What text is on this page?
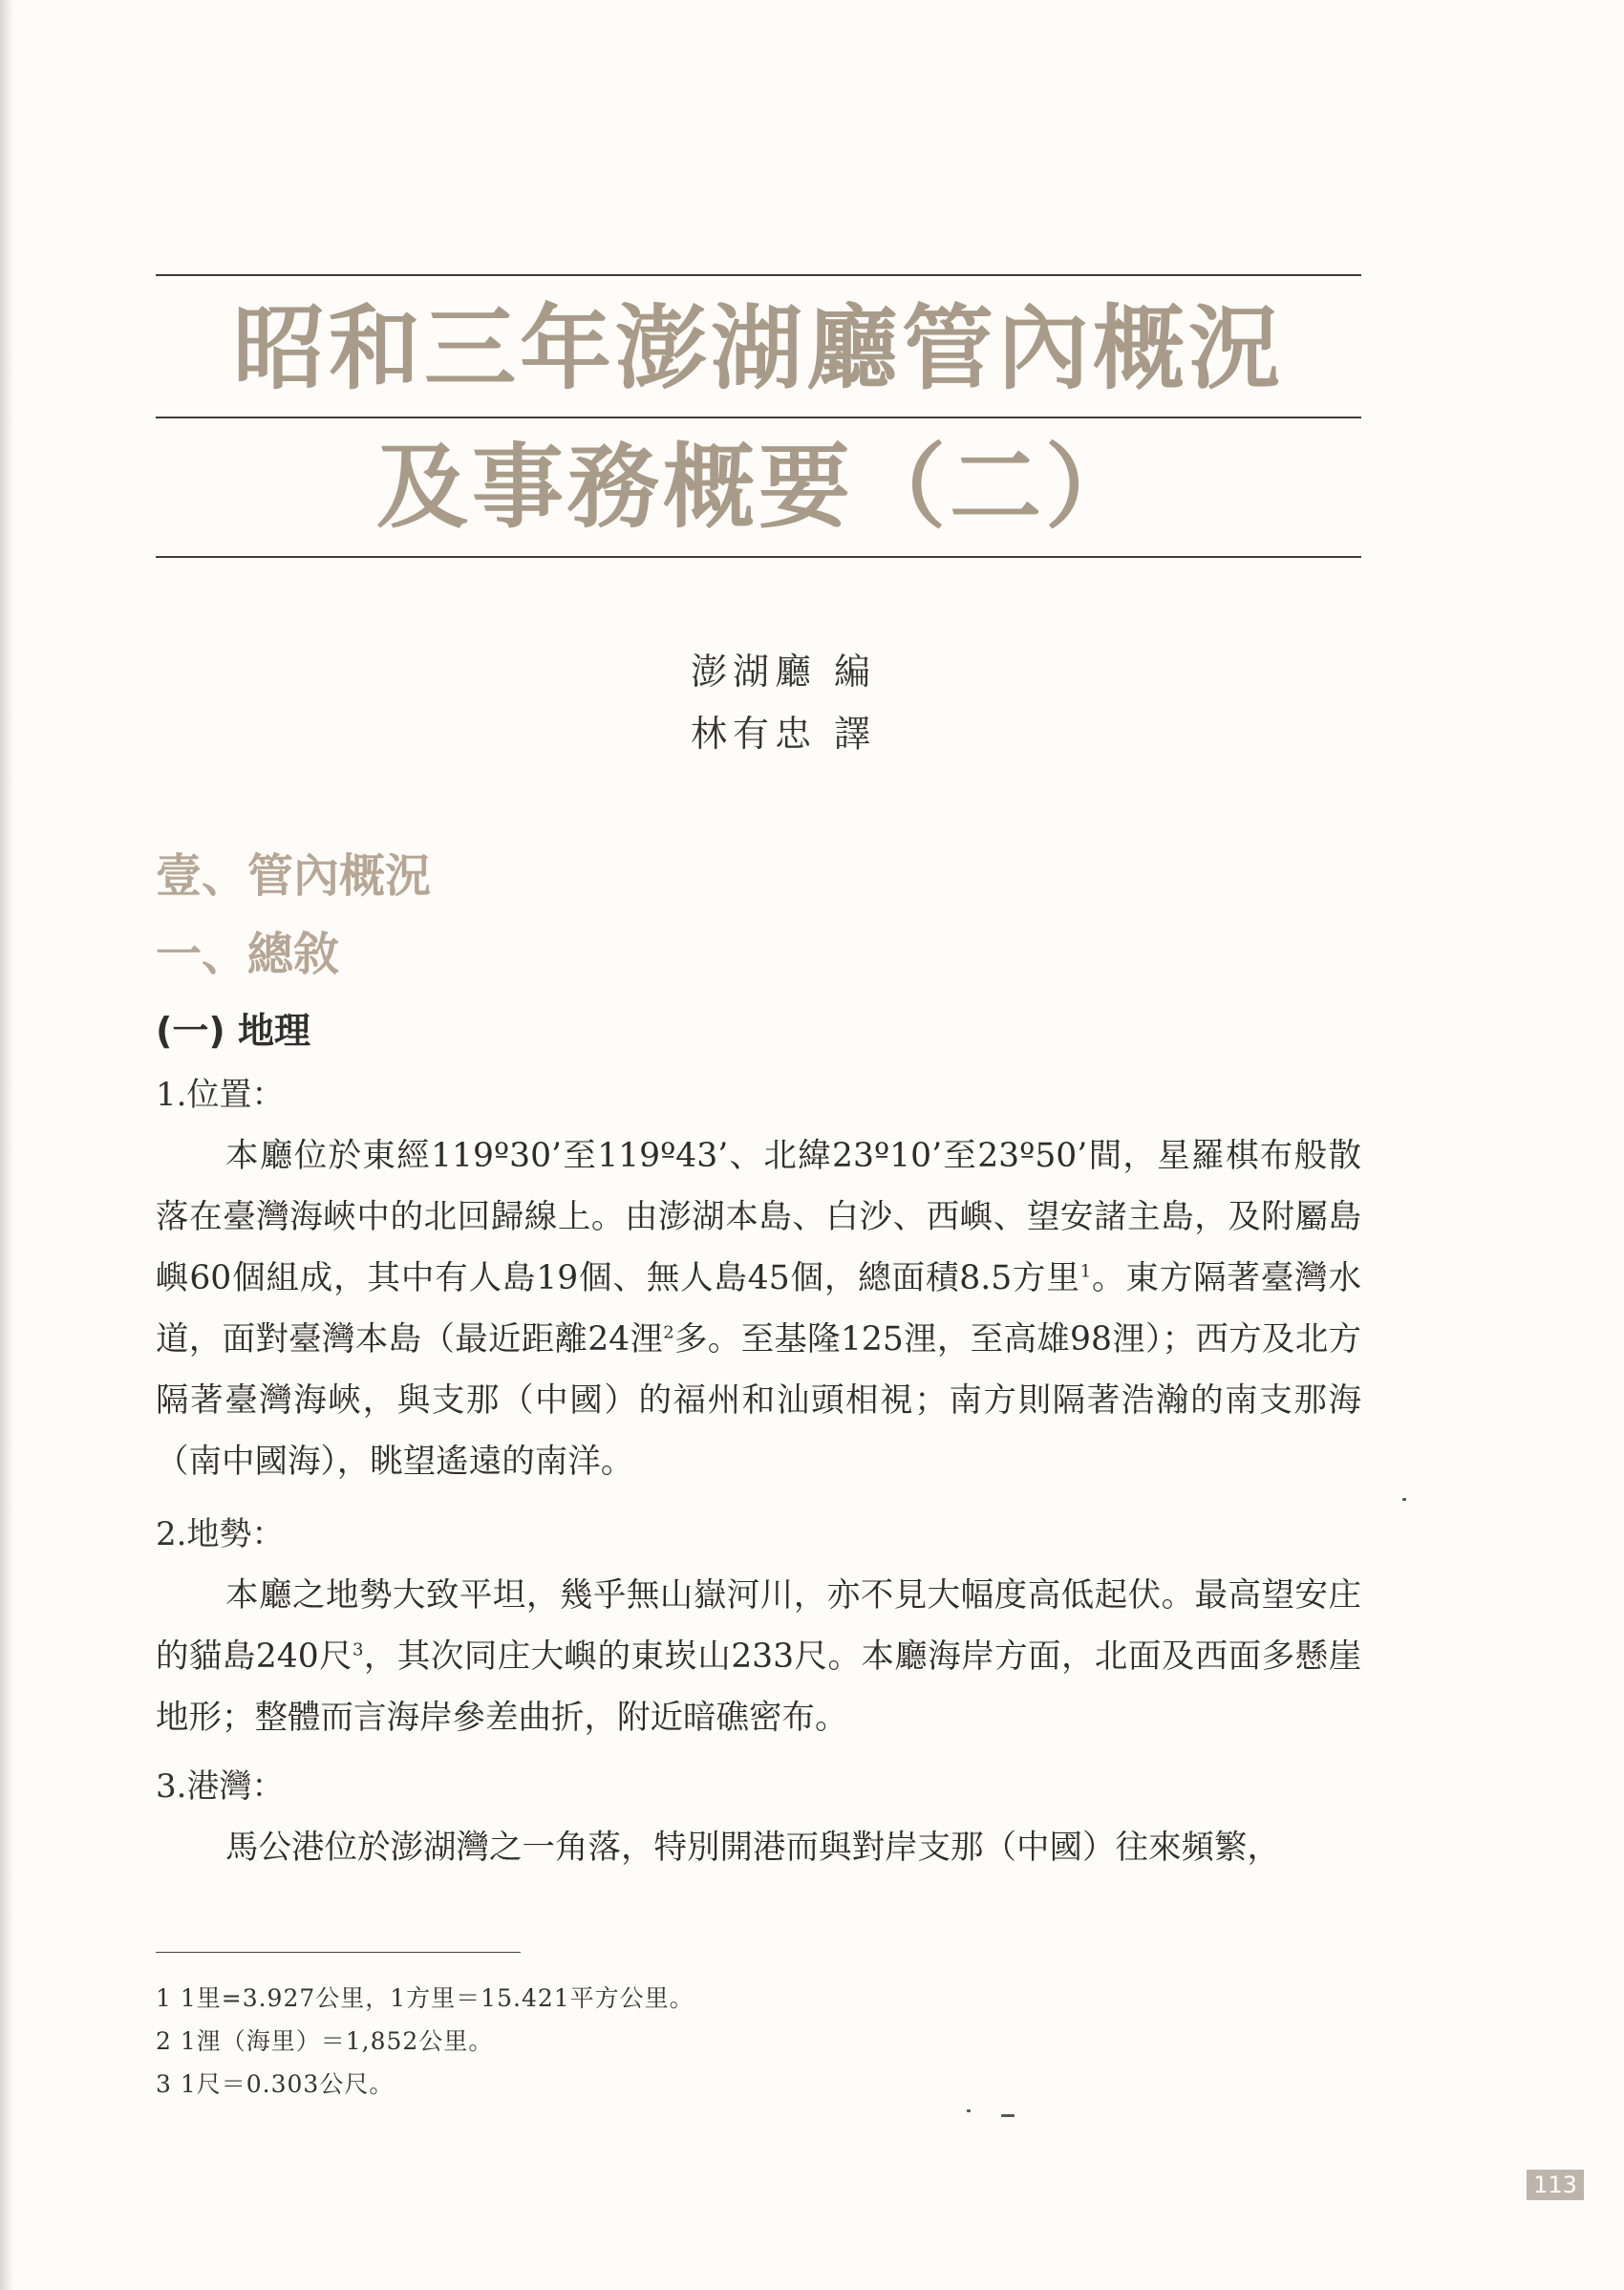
昭和三年澎湖廳管內概況
及事務概要（二）
澎湖廳 編
林有忠 譯
壹、管內概況
一、總敘
(一) 地理
1.位置：
本廳位於東經119º30’至119º43’、北緯23º10’至23º50’間，星羅棋布般散落在臺灣海峽中的北回歸線上。由澎湖本島、白沙、西嶼、望安諸主島，及附屬島嶼60個組成，其中有人島19個、無人島45個，總面積8.5方里$^1$。東方隔著臺灣水道，面對臺灣本島（最近距離24浬$^2$多。至基隆125浬，至高雄98浬）；西方及北方隔著臺灣海峽，與支那（中國）的福州和汕頭相視；南方則隔著浩瀚的南支那海（南中國海），眺望遙遠的南洋。
2.地勢：
本廳之地勢大致平坦，幾乎無山嶽河川，亦不見大幅度高低起伏。最高望安庄的貓島240尺$^3$，其次同庄大嶼的東崁山233尺。本廳海岸方面，北面及西面多懸崖地形；整體而言海岸參差曲折，附近暗礁密布。
3.港灣：
馬公港位於澎湖灣之一角落，特別開港而與對岸支那（中國）往來頻繁，
1 1里=3.927公里，1方里＝15.421平方公里。
2 1浬（海里）＝1,852公里。
3 1尺＝0.303公尺。
113
